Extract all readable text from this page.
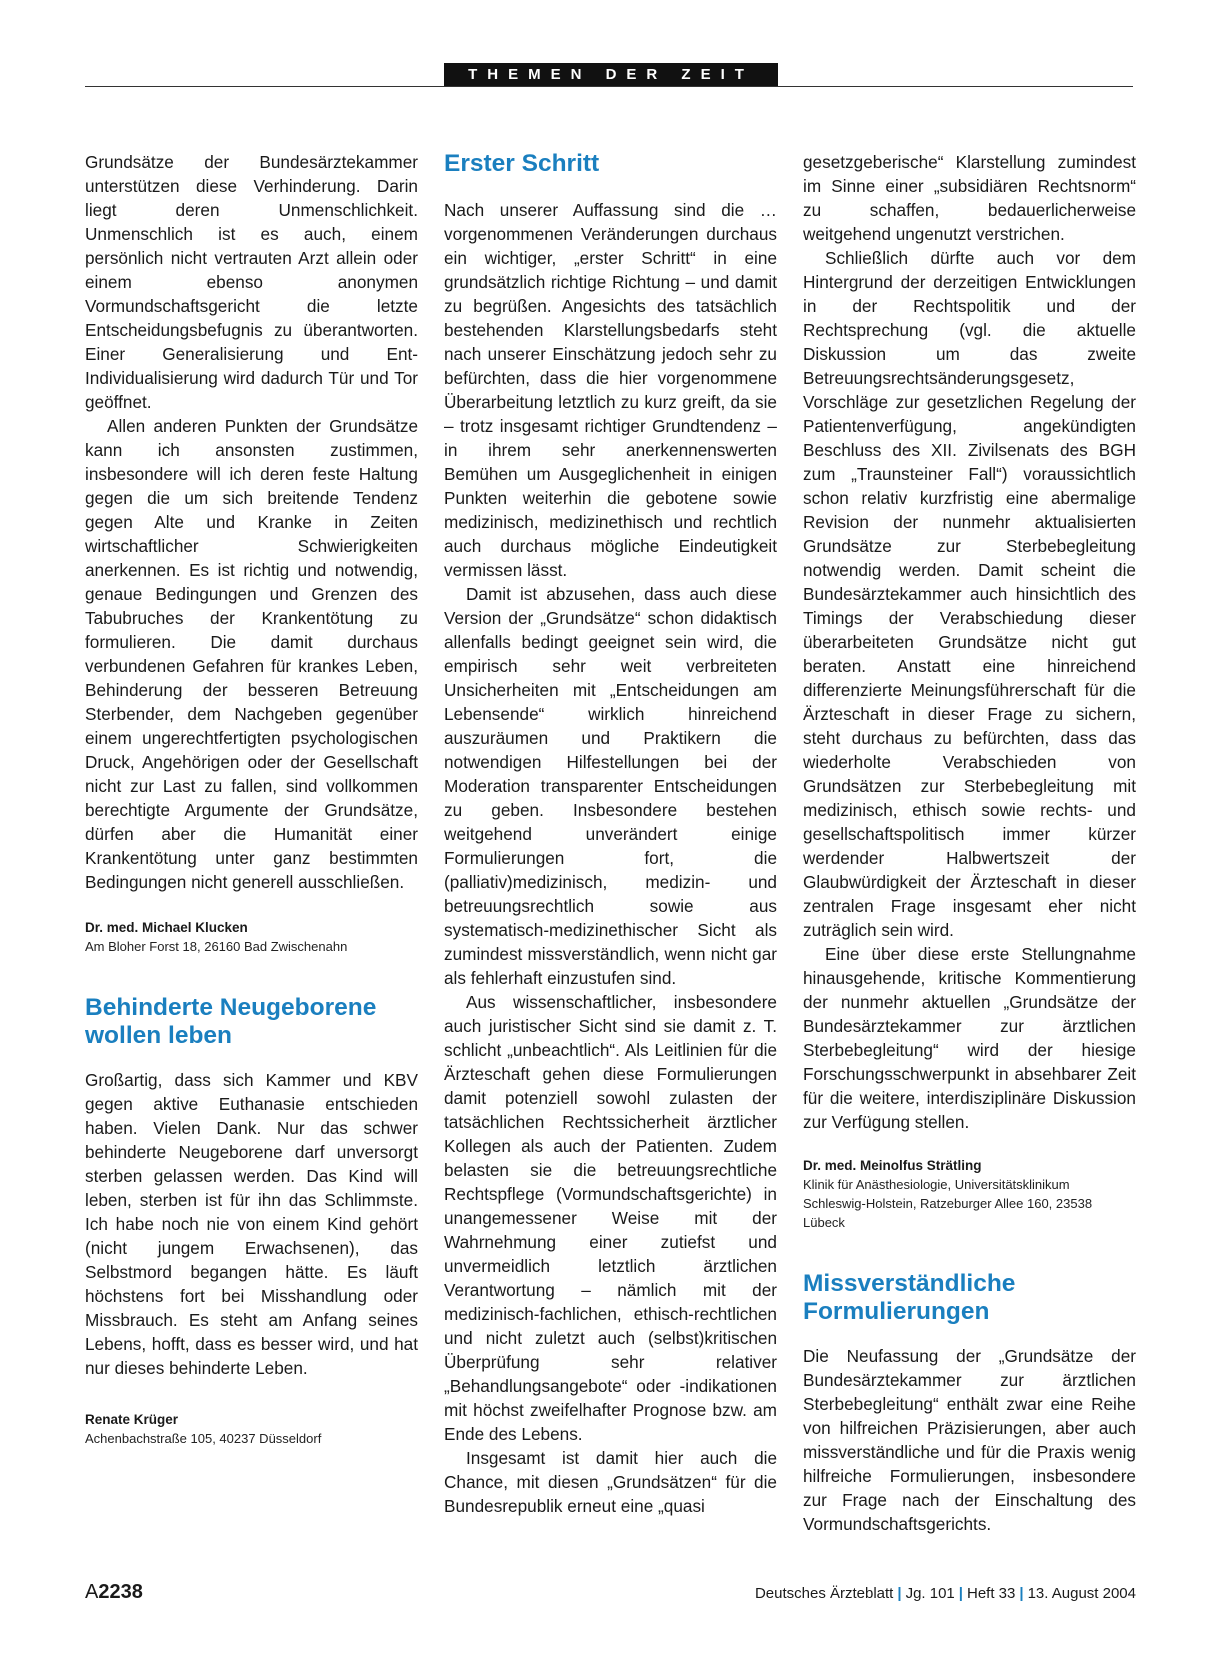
THEMEN DER ZEIT

Grundsätze der Bundesärztekammer unterstützen diese Verhinderung. Darin liegt deren Unmenschlichkeit. Unmenschlich ist es auch, einem persönlich nicht vertrauten Arzt allein oder einem ebenso anonymen Vormundschaftsgericht die letzte Entscheidungsbefugnis zu überantworten. Einer Generalisierung und Ent-Individualisierung wird dadurch Tür und Tor geöffnet.

Allen anderen Punkten der Grundsätze kann ich ansonsten zustimmen, insbesondere will ich deren feste Haltung gegen die um sich breitende Tendenz gegen Alte und Kranke in Zeiten wirtschaftlicher Schwierigkeiten anerkennen. Es ist richtig und notwendig, genaue Bedingungen und Grenzen des Tabubruches der Krankentötung zu formulieren. Die damit durchaus verbundenen Gefahren für krankes Leben, Behinderung der besseren Betreuung Sterbender, dem Nachgeben gegenüber einem ungerechtfertigten psychologischen Druck, Angehörigen oder der Gesellschaft nicht zur Last zu fallen, sind vollkommen berechtigte Argumente der Grundsätze, dürfen aber die Humanität einer Krankentötung unter ganz bestimmten Bedingungen nicht generell ausschließen.

Dr. med. Michael Klucken

Am Bloher Forst 18, 26160 Bad Zwischenahn

Behinderte Neugeborene wollen leben

Großartig, dass sich Kammer und KBV gegen aktive Euthanasie entschieden haben. Vielen Dank. Nur das schwer behinderte Neugeborene darf unversorgt sterben gelassen werden. Das Kind will leben, sterben ist für ihn das Schlimmste. Ich habe noch nie von einem Kind gehört (nicht jungem Erwachsenen), das Selbstmord begangen hätte. Es läuft höchstens fort bei Misshandlung oder Missbrauch. Es steht am Anfang seines Lebens, hofft, dass es besser wird, und hat nur dieses behinderte Leben.

Renate Krüger

Achenbachstraße 105, 40237 Düsseldorf

Erster Schritt

Nach unserer Auffassung sind die … vorgenommenen Veränderungen durchaus ein wichtiger, „erster Schritt“ in eine grundsätzlich richtige Richtung – und damit zu begrüßen. Angesichts des tatsächlich bestehenden Klarstellungsbedarfs steht nach unserer Einschätzung jedoch sehr zu befürchten, dass die hier vorgenommene Überarbeitung letztlich zu kurz greift, da sie – trotz insgesamt richtiger Grundtendenz – in ihrem sehr anerkennenswerten Bemühen um Ausgeglichenheit in einigen Punkten weiterhin die gebotene sowie medizinisch, medizinethisch und rechtlich auch durchaus mögliche Eindeutigkeit vermissen lässt.

Damit ist abzusehen, dass auch diese Version der „Grundsätze“ schon didaktisch allenfalls bedingt geeignet sein wird, die empirisch sehr weit verbreiteten Unsicherheiten mit „Entscheidungen am Lebensende“ wirklich hinreichend auszuräumen und Praktikern die notwendigen Hilfestellungen bei der Moderation transparenter Entscheidungen zu geben. Insbesondere bestehen weitgehend unverändert einige Formulierungen fort, die (palliativ)medizinisch, medizin- und betreuungsrechtlich sowie aus systematisch-medizinethischer Sicht als zumindest missverständlich, wenn nicht gar als fehlerhaft einzustufen sind.

Aus wissenschaftlicher, insbesondere auch juristischer Sicht sind sie damit z. T. schlicht „unbeachtlich“. Als Leitlinien für die Ärzteschaft gehen diese Formulierungen damit potenziell sowohl zulasten der tatsächlichen Rechtssicherheit ärztlicher Kollegen als auch der Patienten. Zudem belasten sie die betreuungsrechtliche Rechtspflege (Vormundschaftsgerichte) in unangemessener Weise mit der Wahrnehmung einer zutiefst und unvermeidlich letztlich ärztlichen Verantwortung – nämlich mit der medizinisch-fachlichen, ethisch-rechtlichen und nicht zuletzt auch (selbst)kritischen Überprüfung sehr relativer „Behandlungsangebote“ oder -indikationen mit höchst zweifelhafter Prognose bzw. am Ende des Lebens.

Insgesamt ist damit hier auch die Chance, mit diesen „Grundsätzen“ für die Bundesrepublik erneut eine „quasi

gesetzgeberische“ Klarstellung zumindest im Sinne einer „subsidiären Rechtsnorm“ zu schaffen, bedauerlicherweise weitgehend ungenutzt verstrichen.

Schließlich dürfte auch vor dem Hintergrund der derzeitigen Entwicklungen in der Rechtspolitik und der Rechtsprechung (vgl. die aktuelle Diskussion um das zweite Betreuungsrechtsänderungsgesetz, Vorschläge zur gesetzlichen Regelung der Patientenverfügung, angekündigten Beschluss des XII. Zivilsenats des BGH zum „Traunsteiner Fall“) voraussichtlich schon relativ kurzfristig eine abermalige Revision der nunmehr aktualisierten Grundsätze zur Sterbebegleitung notwendig werden. Damit scheint die Bundesärztekammer auch hinsichtlich des Timings der Verabschiedung dieser überarbeiteten Grundsätze nicht gut beraten. Anstatt eine hinreichend differenzierte Meinungsführerschaft für die Ärzteschaft in dieser Frage zu sichern, steht durchaus zu befürchten, dass das wiederholte Verabschieden von Grundsätzen zur Sterbebegleitung mit medizinisch, ethisch sowie rechts- und gesellschaftspolitisch immer kürzer werdender Halbwertszeit der Glaubwürdigkeit der Ärzteschaft in dieser zentralen Frage insgesamt eher nicht zuträglich sein wird.

Eine über diese erste Stellungnahme hinausgehende, kritische Kommentierung der nunmehr aktuellen „Grundsätze der Bundesärztekammer zur ärztlichen Sterbebegleitung“ wird der hiesige Forschungsschwerpunkt in absehbarer Zeit für die weitere, interdisziplinäre Diskussion zur Verfügung stellen.

Dr. med. Meinolfus Strätling

Klinik für Anästhesiologie, Universitätsklinikum

Schleswig-Holstein, Ratzeburger Allee 160, 23538 Lübeck

Missverständliche Formulierungen

Die Neufassung der „Grundsätze der Bundesärztekammer zur ärztlichen Sterbebegleitung“ enthält zwar eine Reihe von hilfreichen Präzisierungen, aber auch missverständliche und für die Praxis wenig hilfreiche Formulierungen, insbesondere zur Frage nach der Einschaltung des Vormundschaftsgerichts.

A2238	Deutsches Ärzteblatt | Jg. 101 | Heft 33 | 13. August 2004
